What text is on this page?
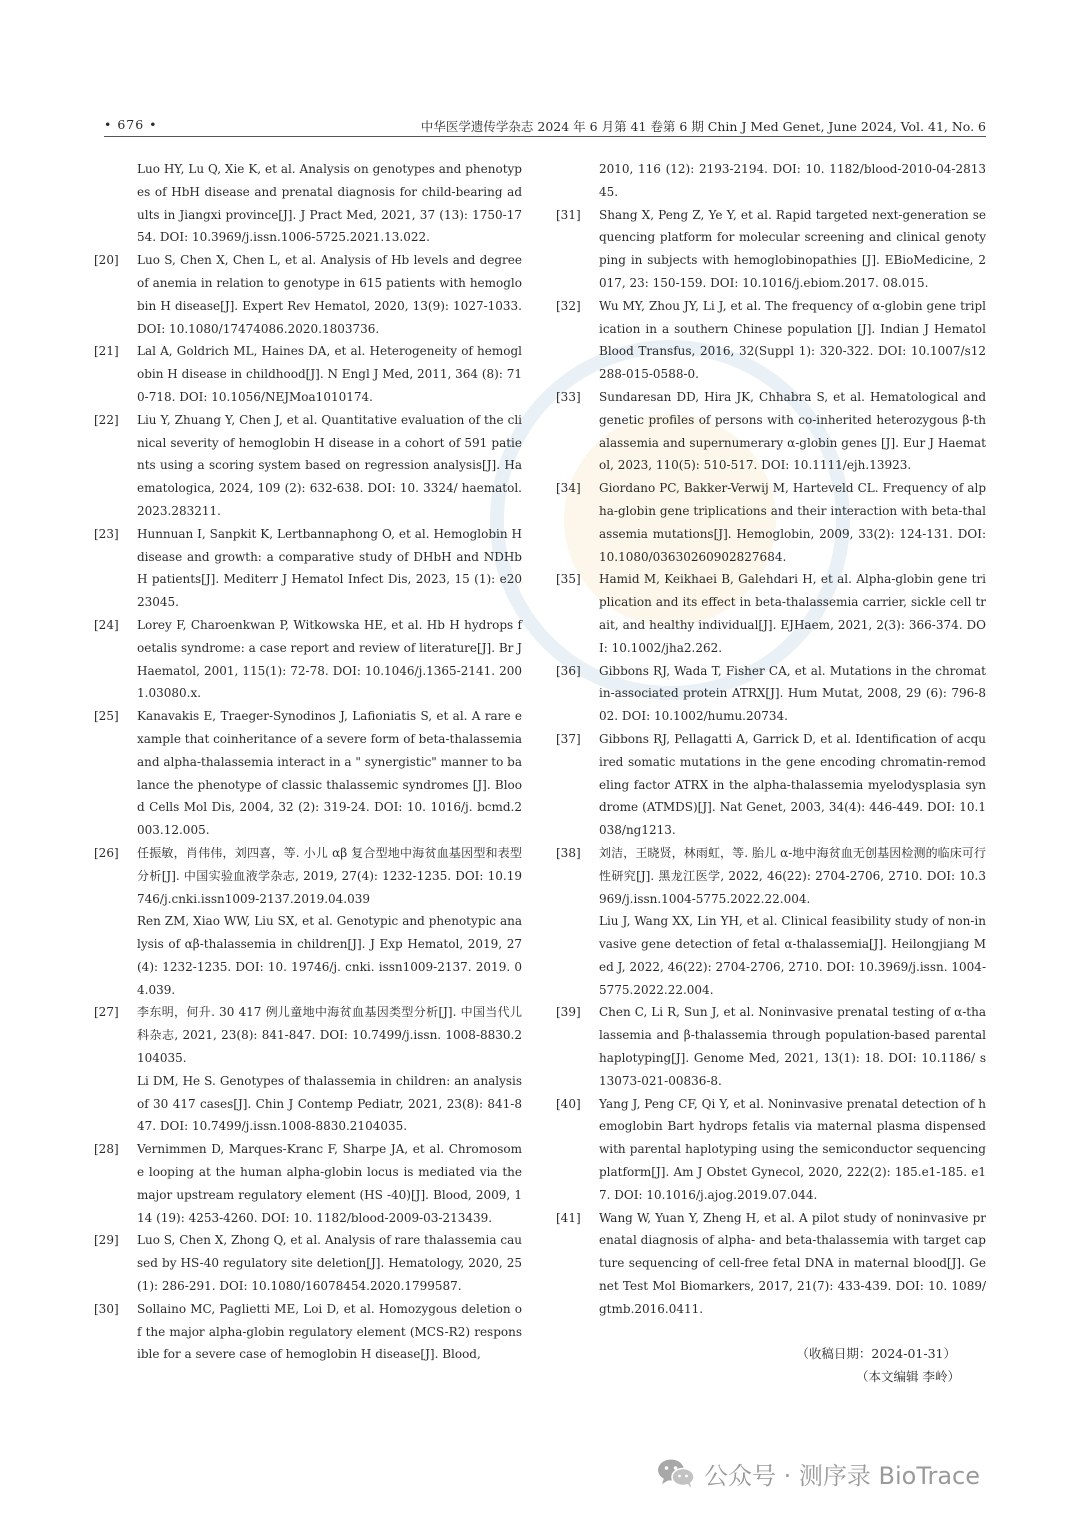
• 676 •	中华医学遗传学杂志 2024 年 6 月第 41 卷第 6 期 Chin J Med Genet, June 2024, Vol. 41, No. 6
Luo HY, Lu Q, Xie K, et al. Analysis on genotypes and phenotypes of HbH disease and prenatal diagnosis for child-bearing adults in Jiangxi province[J]. J Pract Med, 2021, 37 (13): 1750-1754. DOI: 10.3969/j.issn.1006-5725.2021.13.022.
[20] Luo S, Chen X, Chen L, et al. Analysis of Hb levels and degree of anemia in relation to genotype in 615 patients with hemoglobin H disease[J]. Expert Rev Hematol, 2020, 13(9): 1027-1033. DOI: 10.1080/17474086.2020.1803736.
[21] Lal A, Goldrich ML, Haines DA, et al. Heterogeneity of hemoglobin H disease in childhood[J]. N Engl J Med, 2011, 364 (8): 710-718. DOI: 10.1056/NEJMoa1010174.
[22] Liu Y, Zhuang Y, Chen J, et al. Quantitative evaluation of the clinical severity of hemoglobin H disease in a cohort of 591 patients using a scoring system based on regression analysis[J]. Haematologica, 2024, 109 (2): 632-638. DOI: 10. 3324/ haematol.2023.283211.
[23] Hunnuan I, Sanpkit K, Lertbannaphong O, et al. Hemoglobin H disease and growth: a comparative study of DHbH and NDHbH patients[J]. Mediterr J Hematol Infect Dis, 2023, 15 (1): e2023045.
[24] Lorey F, Charoenkwan P, Witkowska HE, et al. Hb H hydrops foetalis syndrome: a case report and review of literature[J]. Br J Haematol, 2001, 115(1): 72-78. DOI: 10.1046/j.1365-2141. 2001.03080.x.
[25] Kanavakis E, Traeger-Synodinos J, Lafioniatis S, et al. A rare example that coinheritance of a severe form of beta-thalassemia and alpha-thalassemia interact in a " synergistic" manner to balance the phenotype of classic thalassemic syndromes [J]. Blood Cells Mol Dis, 2004, 32 (2): 319-24. DOI: 10. 1016/j. bcmd.2003.12.005.
[26] 任振敏，肖伟伟，刘四喜，等. 小儿 αβ 复合型地中海贫血基因型和表型分析[J]. 中国实验血液学杂志, 2019, 27(4): 1232-1235. DOI: 10.19746/j.cnki.issn1009-2137.2019.04.039
Ren ZM, Xiao WW, Liu SX, et al. Genotypic and phenotypic analysis of αβ-thalassemia in children[J]. J Exp Hematol, 2019, 27(4): 1232-1235. DOI: 10. 19746/j. cnki. issn1009-2137. 2019. 04.039.
[27] 李东明，何升. 30 417 例儿童地中海贫血基因类型分析[J]. 中国当代儿科杂志, 2021, 23(8): 841-847. DOI: 10.7499/j.issn. 1008-8830.2104035.
Li DM, He S. Genotypes of thalassemia in children: an analysis of 30 417 cases[J]. Chin J Contemp Pediatr, 2021, 23(8): 841-847. DOI: 10.7499/j.issn.1008-8830.2104035.
[28] Vernimmen D, Marques-Kranc F, Sharpe JA, et al. Chromosome looping at the human alpha-globin locus is mediated via the major upstream regulatory element (HS -40)[J]. Blood, 2009, 114 (19): 4253-4260. DOI: 10. 1182/blood-2009-03-213439.
[29] Luo S, Chen X, Zhong Q, et al. Analysis of rare thalassemia caused by HS-40 regulatory site deletion[J]. Hematology, 2020, 25(1): 286-291. DOI: 10.1080/16078454.2020.1799587.
[30] Sollaino MC, Paglietti ME, Loi D, et al. Homozygous deletion of the major alpha-globin regulatory element (MCS-R2) responsible for a severe case of hemoglobin H disease[J]. Blood,
2010, 116 (12): 2193-2194. DOI: 10. 1182/blood-2010-04-281345.
[31] Shang X, Peng Z, Ye Y, et al. Rapid targeted next-generation sequencing platform for molecular screening and clinical genotyping in subjects with hemoglobinopathies [J]. EBioMedicine, 2017, 23: 150-159. DOI: 10.1016/j.ebiom.2017. 08.015.
[32] Wu MY, Zhou JY, Li J, et al. The frequency of α-globin gene triplication in a southern Chinese population [J]. Indian J Hematol Blood Transfus, 2016, 32(Suppl 1): 320-322. DOI: 10.1007/s12288-015-0588-0.
[33] Sundaresan DD, Hira JK, Chhabra S, et al. Hematological and genetic profiles of persons with co-inherited heterozygous β-thalassemia and supernumerary α-globin genes [J]. Eur J Haematol, 2023, 110(5): 510-517. DOI: 10.1111/ejh.13923.
[34] Giordano PC, Bakker-Verwij M, Harteveld CL. Frequency of alpha-globin gene triplications and their interaction with beta-thalassemia mutations[J]. Hemoglobin, 2009, 33(2): 124-131. DOI: 10.1080/03630260902827684.
[35] Hamid M, Keikhaei B, Galehdari H, et al. Alpha-globin gene triplication and its effect in beta-thalassemia carrier, sickle cell trait, and healthy individual[J]. EJHaem, 2021, 2(3): 366-374. DOI: 10.1002/jha2.262.
[36] Gibbons RJ, Wada T, Fisher CA, et al. Mutations in the chromatin-associated protein ATRX[J]. Hum Mutat, 2008, 29 (6): 796-802. DOI: 10.1002/humu.20734.
[37] Gibbons RJ, Pellagatti A, Garrick D, et al. Identification of acquired somatic mutations in the gene encoding chromatin-remodeling factor ATRX in the alpha-thalassemia myelodysplasia syndrome (ATMDS)[J]. Nat Genet, 2003, 34(4): 446-449. DOI: 10.1038/ng1213.
[38] 刘洁，王晓贤，林雨虹，等. 胎儿 α-地中海贫血无创基因检测的临床可行性研究[J]. 黑龙江医学, 2022, 46(22): 2704-2706, 2710. DOI: 10.3969/j.issn.1004-5775.2022.22.004.
Liu J, Wang XX, Lin YH, et al. Clinical feasibility study of non-invasive gene detection of fetal α-thalassemia[J]. Heilongjiang Med J, 2022, 46(22): 2704-2706, 2710. DOI: 10.3969/j.issn. 1004-5775.2022.22.004.
[39] Chen C, Li R, Sun J, et al. Noninvasive prenatal testing of α-thalassemia and β-thalassemia through population-based parental haplotyping[J]. Genome Med, 2021, 13(1): 18. DOI: 10.1186/ s13073-021-00836-8.
[40] Yang J, Peng CF, Qi Y, et al. Noninvasive prenatal detection of hemoglobin Bart hydrops fetalis via maternal plasma dispensed with parental haplotyping using the semiconductor sequencing platform[J]. Am J Obstet Gynecol, 2020, 222(2): 185.e1-185. e17. DOI: 10.1016/j.ajog.2019.07.044.
[41] Wang W, Yuan Y, Zheng H, et al. A pilot study of noninvasive prenatal diagnosis of alpha- and beta-thalassemia with target capture sequencing of cell-free fetal DNA in maternal blood[J]. Genet Test Mol Biomarkers, 2017, 21(7): 433-439. DOI: 10. 1089/gtmb.2016.0411.
（收稿日期：2024-01-31）
（本文编辑 李岭）
公众号 · 测序录 BioTrace
